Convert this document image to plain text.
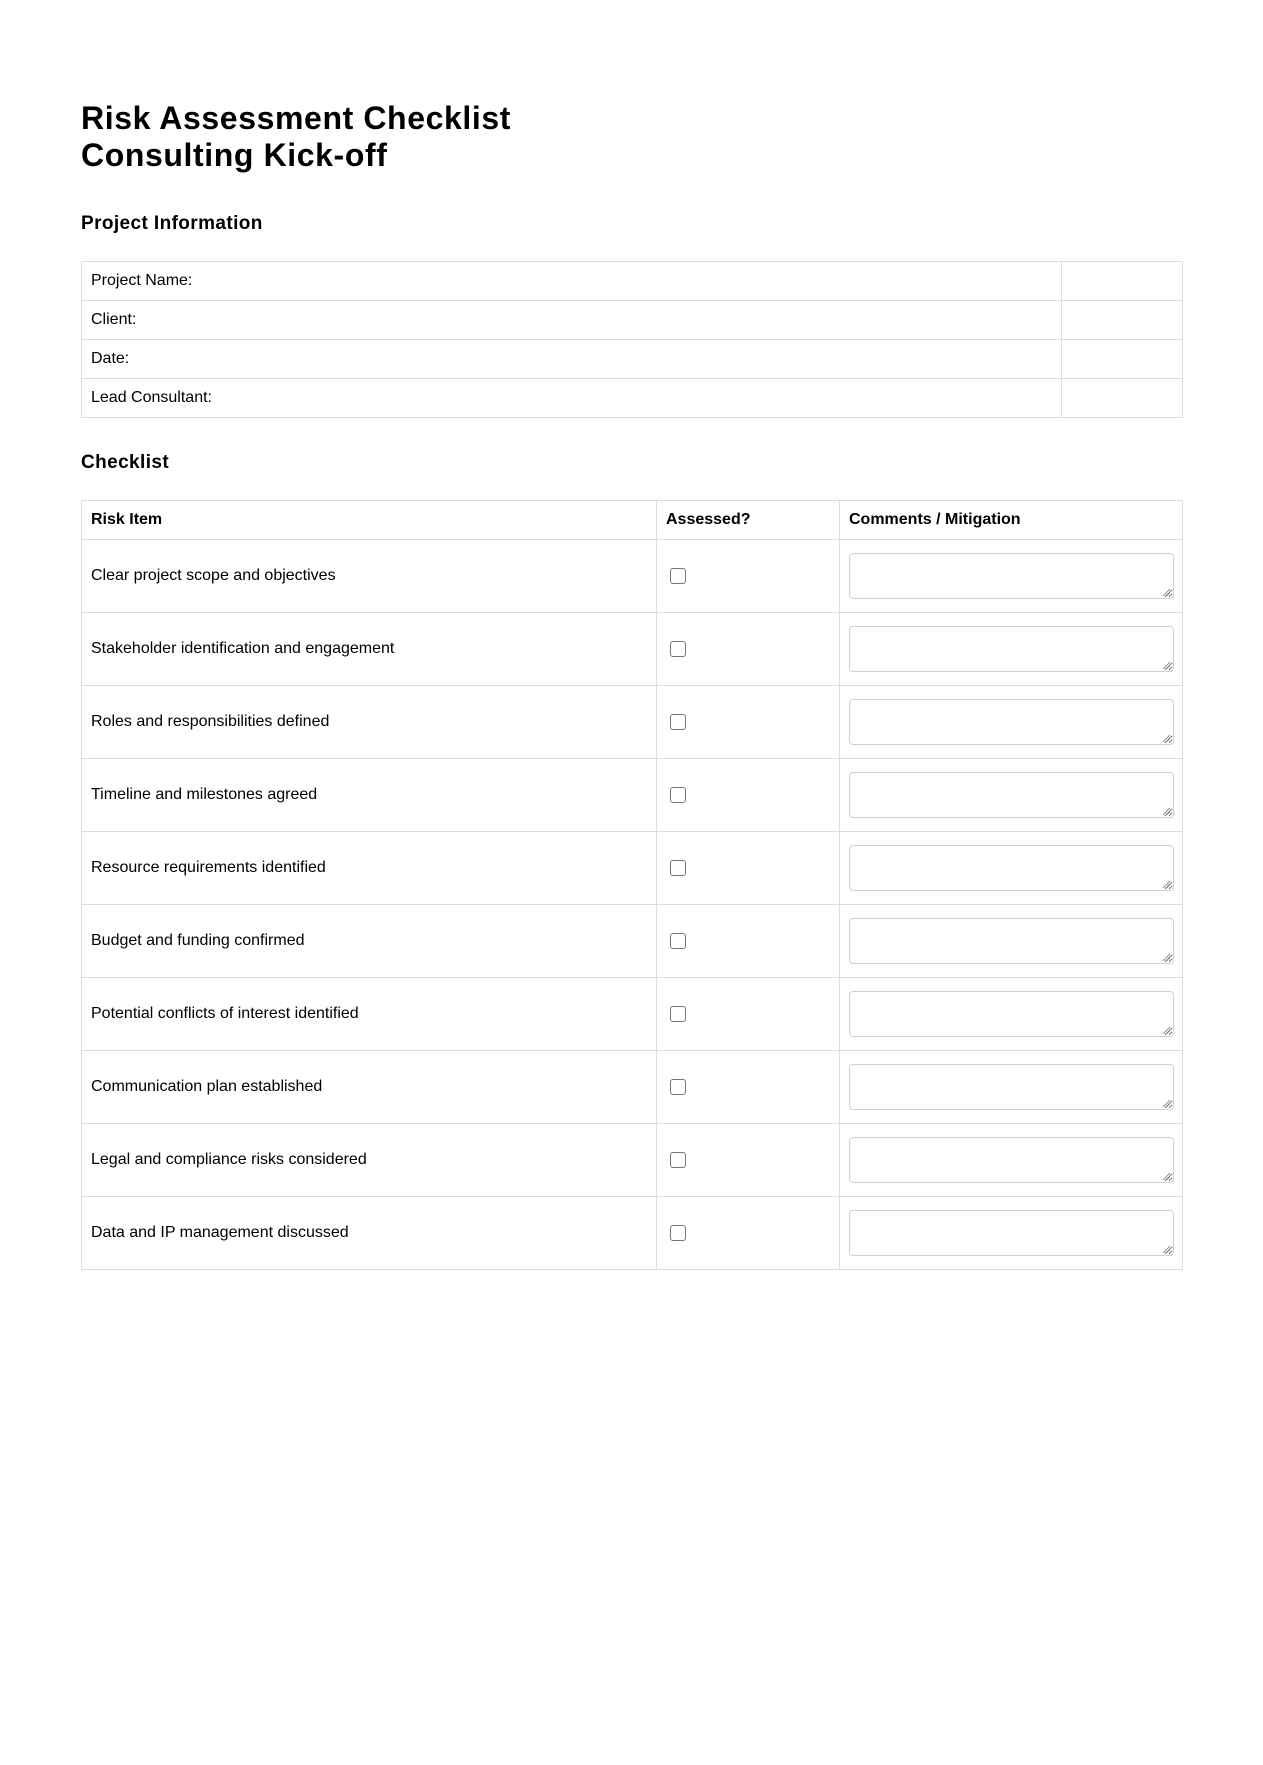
Risk Assessment Checklist
Consulting Kick-off
Project Information
Project Name:	
Client:	
Date:	
Lead Consultant:	
Checklist
Risk Item	Assessed?	Comments / Mitigation
Clear project scope and objectives		

Stakeholder identification and engagement		

Roles and responsibilities defined		

Timeline and milestones agreed		

Resource requirements identified		

Budget and funding confirmed		

Potential conflicts of interest identified		

Communication plan established		

Legal and compliance risks considered		

Data and IP management discussed		
